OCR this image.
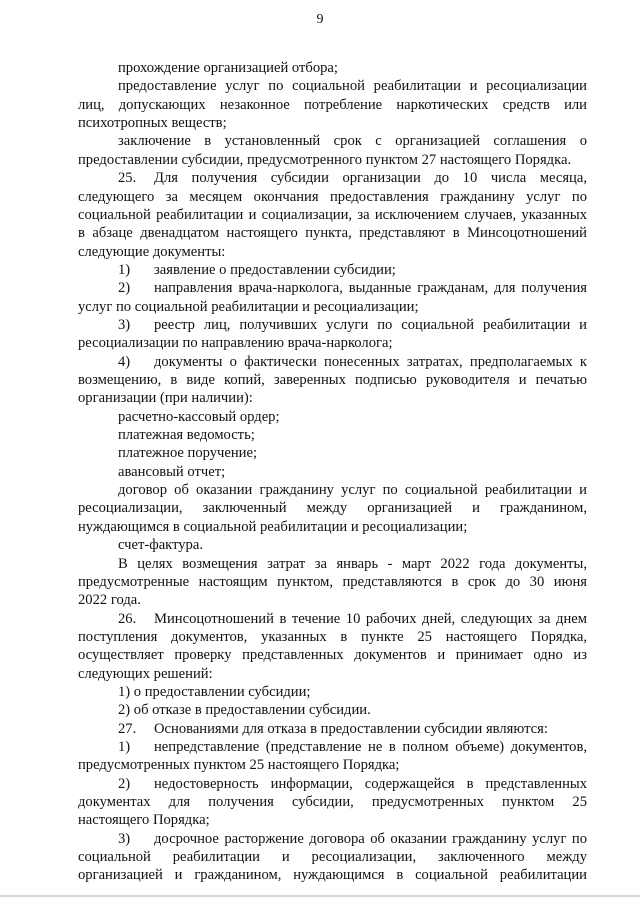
9
прохождение организацией отбора;
предоставление услуг по социальной реабилитации и ресоциализации
лиц, допускающих незаконное потребление наркотических средств или
психотропных веществ;
заключение в установленный срок с организацией соглашения о
предоставлении субсидии, предусмотренного пунктом 27 настоящего Порядка.
25. Для получения субсидии организации до 10 числа месяца,
следующего за месяцем окончания предоставления гражданину услуг по
социальной реабилитации и социализации, за исключением случаев, указанных
в абзаце двенадцатом настоящего пункта, представляют в Минсоцотношений
следующие документы:
1) заявление о предоставлении субсидии;
2) направления врача-нарколога, выданные гражданам, для получения
услуг по социальной реабилитации и ресоциализации;
3) реестр лиц, получивших услуги по социальной реабилитации и
ресоциализации по направлению врача-нарколога;
4) документы о фактически понесенных затратах, предполагаемых к
возмещению, в виде копий, заверенных подписью руководителя и печатью
организации (при наличии):
расчетно-кассовый ордер;
платежная ведомость;
платежное поручение;
авансовый отчет;
договор об оказании гражданину услуг по социальной реабилитации и
ресоциализации, заключенный между организацией и гражданином,
нуждающимся в социальной реабилитации и ресоциализации;
счет-фактура.
В целях возмещения затрат за январь - март 2022 года документы,
предусмотренные настоящим пунктом, представляются в срок до 30 июня
2022 года.
26. Минсоцотношений в течение 10 рабочих дней, следующих за днем
поступления документов, указанных в пункте 25 настоящего Порядка,
осуществляет проверку представленных документов и принимает одно из
следующих решений:
1) о предоставлении субсидии;
2) об отказе в предоставлении субсидии.
27. Основаниями для отказа в предоставлении субсидии являются:
1) непредставление (представление не в полном объеме) документов,
предусмотренных пунктом 25 настоящего Порядка;
2) недостоверность информации, содержащейся в представленных
документах для получения субсидии, предусмотренных пунктом 25
настоящего Порядка;
3) досрочное расторжение договора об оказании гражданину услуг по
социальной реабилитации и ресоциализации, заключенного между
организацией и гражданином, нуждающимся в социальной реабилитации
